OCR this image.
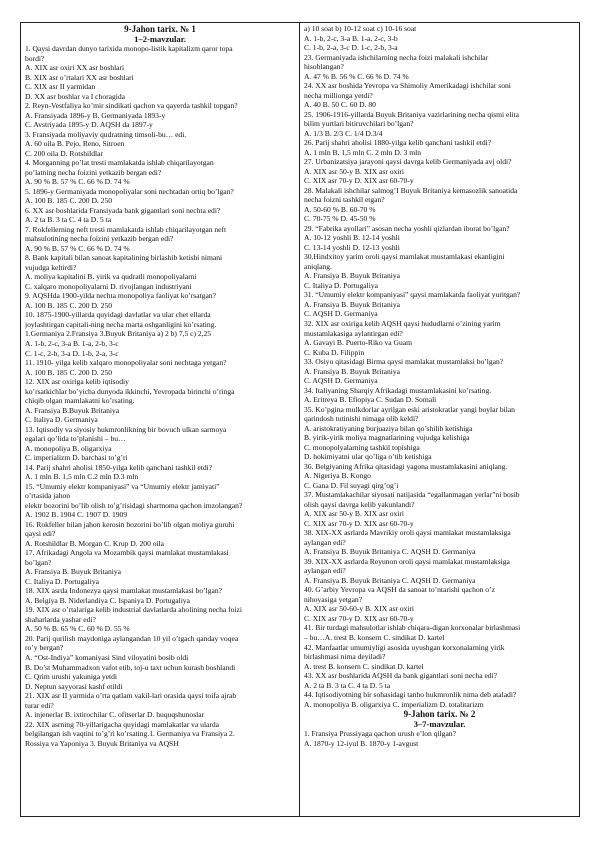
9-Jahon tarix. № 1
1–2-mavzular.
1. Qaysi davrdan dunyo tarixida monopo-listik kapitalizm qaror topa
bordi?
A. XIX asr oxiri XX asr boshlari
B. XIX asr o’rtalari XX asr boshlari
C. XIX asr II yarmidan
D. XX asr boshlar va I choragida
2. Reyn-Vestfaliya ko’mir sindikati qachon va qayerda tashkil topgan?
A. Fransiyada 1896-y B. Germaniyada 1893-y
C. Avstriyada 1895-y D. AQSH da 1897-y
3. Fransiyada moliyaviy qudratning timsoli-bu… edi.
A. 60 oila B. Pejo, Reno, Sitroen
C. 200 oila D. Rotshildlar
4. Morganning po’lat tresti mamlakatda ishlab chiqarilayotgan
po’latning necha foizini yetkazib bergan edi?
A. 90 % B. 57 % C. 66 % D. 74 %
5. 1896-y Germaniyada monopoliyalar soni nechtadan ortiq bo’lgan?
A. 100 B. 185 C. 200 D. 250
6. XX asr boshlarida Fransiyada bank gigantlari soni nechta edi?
A. 2 ta B. 3 ta C. 4 ta D. 5 ta
7. Rokfellerning neft tresti mamlakatda ishlab chiqarilayotgan neft
mahsulotining necha foizini yetkazib bergan edi?
A. 90 % B. 57 % C. 66 % D. 74 %
8. Bank kapitali bilan sanoat kapitalining birlashib ketishi nimani
vujudga keltirdi?
A. moliya kapitalini B. yirik va qudratli monopoliyalarni
C. xalqaro monopoliyalarni D. rivojlangan industriyani
9. AQSHda 1900-yilda nechta monopoliya faoliyat ko’rsatgan?
A. 100 B. 185 C. 200 D. 250
10. 1875-1900-yillarda quyidagi davlatlar va ular chet ellarda
joylashtirgan capitali-ning necha marta oshganligini ko’rsating.
1.Germaniya 2.Fransiya 3.Buyuk Britaniya a) 2 b) 7,5 c) 2,25
A. 1-b, 2-c, 3-a B. 1-a, 2-b, 3-c
C. 1-c, 2-b, 3-a D. 1-b, 2-a, 3-c
11. 1910- yilga kelib xalqaro monopoliyalar soni nechtaga yetgan?
A. 100 B. 185 C. 200 D. 250
12. XIX asr oxiriga kelib iqtisodiy
ko’rsatkichlar bo’yicha dunyoda ikkinchi, Yevropada birinchi o’ringa
chiqib olgan mamlakatni ko’rsating.
A. Fransiya B.Buyuk Britaniya
C. Italiya D. Germaniya
13. Iqtisodiy va siyosiy hukmronlikning bir bovuch ulkan sarmoya
egalari qo’lida to’planishi – bu…
A. monopoliya B. oligarxiya
C. imperializm D. barchasi to’g’ri
14. Parij shahri aholisi 1850-yilga kelib qanchani tashkil etdi?
A. 1 mln B. 1,5 mln C.2 mln D.3 mln
15. “Umumiy elektr kompaniyasi” va “Umumiy elektr jamiyati”
o’rtasida jahon
elektr bozorini bo’lib olish to’g’risidagi shartnoma qachon imzolangan?
A. 1902 B. 1904 C. 1907 D. 1909
16. Rokfeller bilan jahon kerosin bozorini bo’lib olgan moliya guruhi
qaysi edi?
A. Rotshildlar B. Morgan C. Krup D. 200 oila
17. Afrikadagi Angola va Mozambik qaysi mamlakat mustamlakasi
bo’lgan?
A. Fransiya B. Buyuk Britaniya
C. Italiya D. Portugaliya
18. XIX asrda Indonezya qaysi mamlakat mustamlakasi bo’lgan?
A. Belgiya B. Niderlandiya C. Ispaniya D. Portugaliya
19. XIX asr o’rtalariga kelib industrial davlatlarda aholining necha foizi
shaharlarda yashar edi?
A. 50 % B. 65 % C. 60 % D. 55 %
20. Parij qurilish maydoniga aylangandan 10 yil o’tgach qanday voqea
ro’y bergan?
A. “Ost-Indiya” komaniyasi Sind viloyatini bosib oldi
B. Do’st Muhammadxon vafot etib, toj-u taxt uchun kurash boshlandi
C. Qrim urushi yakuniga yetdi
D. Neptun sayyorasi kashf etildi
21. XIX asr II yarmida o’rta qatlam vakil-lari orasida qaysi toifa ajrab
turar edi?
A. injenerlar B. ixtirochilar C. ofitserlar D. huquqshunoslar
22. XIX asrning 70-yillarigacha quyidagi mamlakatlar va ularda
belgilangan ish vaqtini to’g’ri ko’rsating.1. Germaniya va Fransiya 2.
Rossiya va Yaponiya 3. Buyuk Britaniya va AQSH
a) 10 soat b) 10-12 soat c) 10-16 soat
A. 1-b, 2-c, 3-a B. 1-a, 2-c, 3-b
C. 1-b, 2-a, 3-c D. 1-c, 2-b, 3-a
23. Germaniyada ishchilarning necha foizi malakali ishchilar
hisoblangan?
A. 47 % B. 56 % C. 66 % D. 74 %
24. XX asr boshida Yevropa va Shimoliy Amerikadagi ishchilar soni
necha millionga yetdi?
A. 40 B. 50 C. 60 D. 80
25. 1906-1916-yillarda Buyuk Britaniya vazirlarining necha qismi elita
bilim yurtlari bitiruvchilari bo’lgan?
A. 1/3 B. 2/3 C. 1/4 D.3/4
26. Parij shahri aholisi 1880-yilga kelib qanchani tashkil etdi?
A. 1 mln B. 1,5 mln C. 2 mln D. 3 mln
27. Urbanizatsiya jarayoni qaysi davrga kelib Germaniyada avj oldi?
A. XIX asr 50-y B. XIX asr oxiri
C. XIX asr 70-y D. XIX asr 60-70-y
28. Malakali ishchilar salmog’I Buyuk Britaniya kemasozlik sanoatida
necha foizni tashkil etgan?
A. 50-60 % B. 60-70 %
C. 70-75 % D. 45-50 %
29. “Fabrika ayollari” asosan necha yoshli qizlardan iborat bo’lgan?
A. 10-12 yoshli B. 12-14 yoshli
C. 13-14 yoshli D. 12-13 yoshli
30.Hindxitoy yarim oroli qaysi mamlakat mustamlakasi ekanligini
aniqlang.
A. Fransiya B. Buyuk Britaniya
C. Italiya D. Portugaliya
31. “Umumiy elektr kompaniyasi” qaysi mamlakatda faoliyat yuritgan?
A. Fransiya B. Buyuk Britaniya
C. AQSH D. Germaniya
32. XIX asr oxiriga kelib AQSH qaysi hududlarni o’zining yarim
mustamlakasiga aylantirgan edi?
A. Gavayi B. Puerto-Riko va Guam
C. Kuba D. Filippin
33. Osiyo qitasidagi Birma qaysi mamlakat mustamlaksi bo’lgan?
A. Fransiya B. Buyuk Britaniya
C. AQSH D. Germaniya
34. Italiyaning Sharqiy Afrikadagi mustamlakasini ko’rsating.
A. Eritreya B. Efiopiya C. Sudan D. Somali
35. Ko’pgina mulkdorlar ayrilgan eski aristokratlar yangi boylar bilan
qarindosh tutinishi nimaga olib keldi?
A. aristokratiyaning burjuaziya bilan qo’shilib ketishiga
B. yirik-yirik moliya magnatlarining vujudga kelishiga
C. monopolyalarning tashkil topishiga
D. hokimiyatni ular qo’liga o’tib ketishiga
36. Belgiyaning Afrika qitasidagi yagona mustamlakasini aniqlang.
A. Nigeriya B. Kongo
C. Gana D. Fil suyagi qirg’og’i
37. Mustamlakachilar siyosati natijasida “egallanmagan yerlar”ni bosib
olish qaysi davrga kelib yakunlandi?
A. XIX asr 50-y B. XIX asr oxiri
C. XIX asr 70-y D. XIX asr 60-70-y
38. XIX-XX asrlarda Mavrikiy oroli qaysi mamlakat mustamlaksiga
aylangan edi?
A. Fransiya B. Buyuk Britaniya C. AQSH D. Germaniya
39. XIX-XX asrlarda Reyunon oroli qaysi mamlakat mustamlaksiga
aylangan edi?
A. Fransiya B. Buyuk Britaniya C. AQSH D. Germaniya
40. G’arbiy Yevropa va AQSH da sanoat to’ntarishi qachon o’z
nihoyasiga yetgan?
A. XIX asr 50-60-y B. XIX asr oxiri
C. XIX asr 70-y D. XIX asr 60-70-y
41. Bir turdagi mahsulotlar ishlab chiqara-digan korxonalar birlashmasi
– bu…A. trest B. konsern C. sindikat D. kartel
42. Manfaatlar umumiyligi asosida uyushgan korxonalarning yirik
birlashmasi nima deyiladi?
A. trest B. konsern C. sindikat D. kartel
43. XX asr boshlarida AQSH da bank gigantlari soni necha edi?
A. 2 ta B. 3 ta C. 4 ta D. 5 ta
44. Iqtisodiyotning bir sohasidagi tanho hukmronlik nima deb ataladi?
A. monopoliya B. oligarxiya C. imperializm D. totalitarizm
9-Jahon tarix. № 2
3–7-mavzular.
1. Fransiya Prussiyaga qachon urush e’lon qilgan?
A. 1870-y 12-iyul B. 1870-y 1-avgust
